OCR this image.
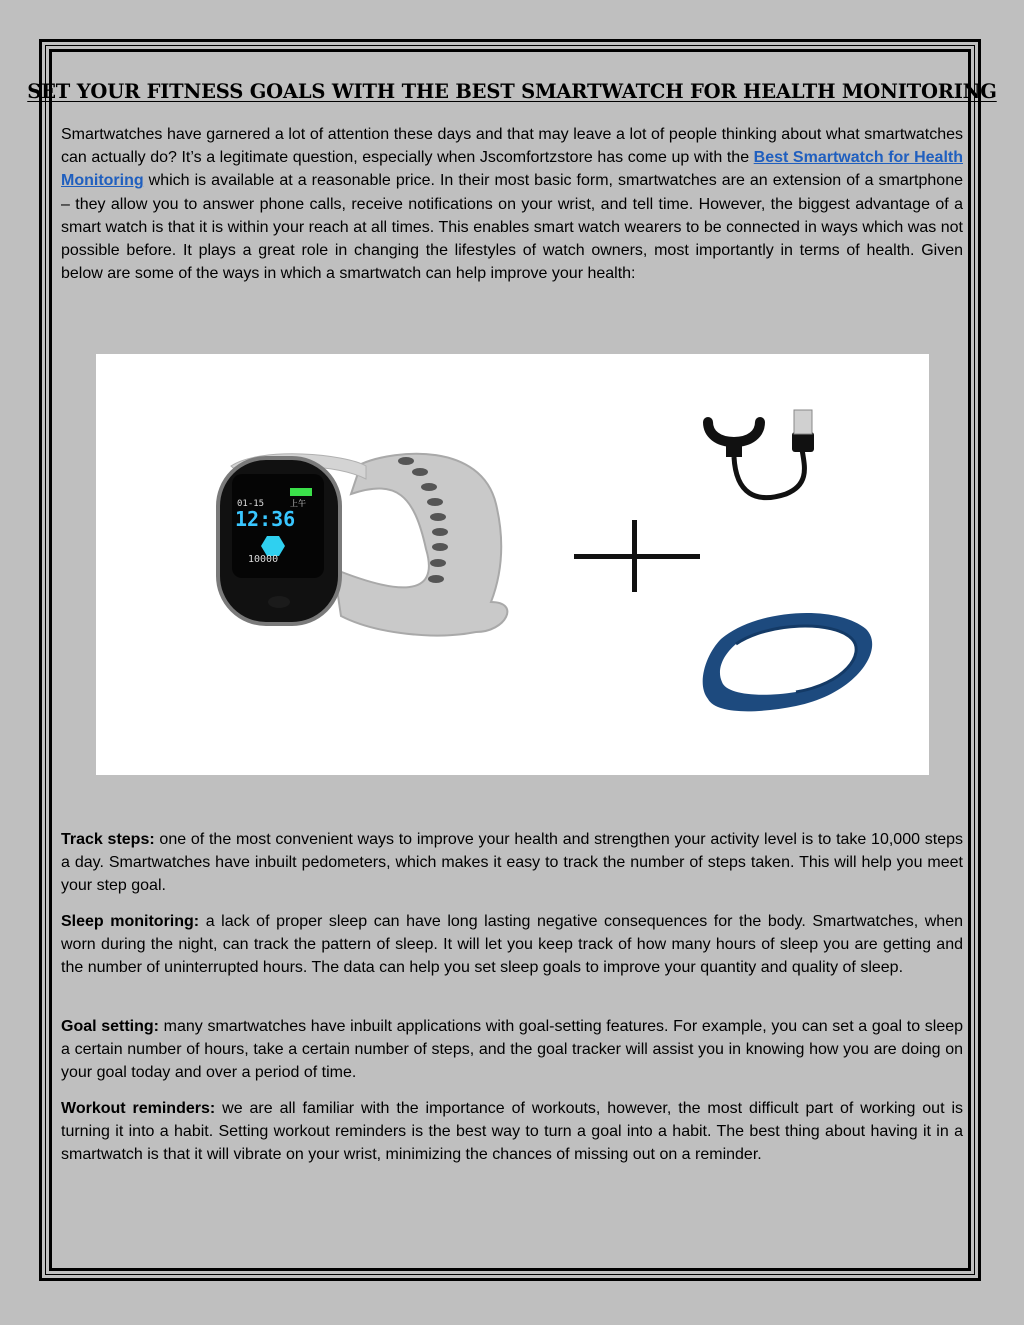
SET YOUR FITNESS GOALS WITH THE BEST SMARTWATCH FOR HEALTH MONITORING

Smartwatches have garnered a lot of attention these days and that may leave a lot of people thinking about what smartwatches can actually do? It’s a legitimate question, especially when Jscomfortzstore has come up with the Best Smartwatch for Health Monitoring which is available at a reasonable price. In their most basic form, smartwatches are an extension of a smartphone – they allow you to answer phone calls, receive notifications on your wrist, and tell time. However, the biggest advantage of a smart watch is that it is within your reach at all times. This enables smart watch wearers to be connected in ways which was not possible before. It plays a great role in changing the lifestyles of watch owners, most importantly in terms of health. Given below are some of the ways in which a smartwatch can help improve your health:

01-15	上午
12:36
10000

Track steps: one of the most convenient ways to improve your health and strengthen your activity level is to take 10,000 steps a day. Smartwatches have inbuilt pedometers, which makes it easy to track the number of steps taken. This will help you meet your step goal.

Sleep monitoring: a lack of proper sleep can have long lasting negative consequences for the body. Smartwatches, when worn during the night, can track the pattern of sleep. It will let you keep track of how many hours of sleep you are getting and the number of uninterrupted hours. The data can help you set sleep goals to improve your quantity and quality of sleep.

Goal setting: many smartwatches have inbuilt applications with goal-setting features. For example, you can set a goal to sleep a certain number of hours, take a certain number of steps, and the goal tracker will assist you in knowing how you are doing on your goal today and over a period of time.

Workout reminders: we are all familiar with the importance of workouts, however, the most difficult part of working out is turning it into a habit. Setting workout reminders is the best way to turn a goal into a habit. The best thing about having it in a smartwatch is that it will vibrate on your wrist, minimizing the chances of missing out on a reminder.
